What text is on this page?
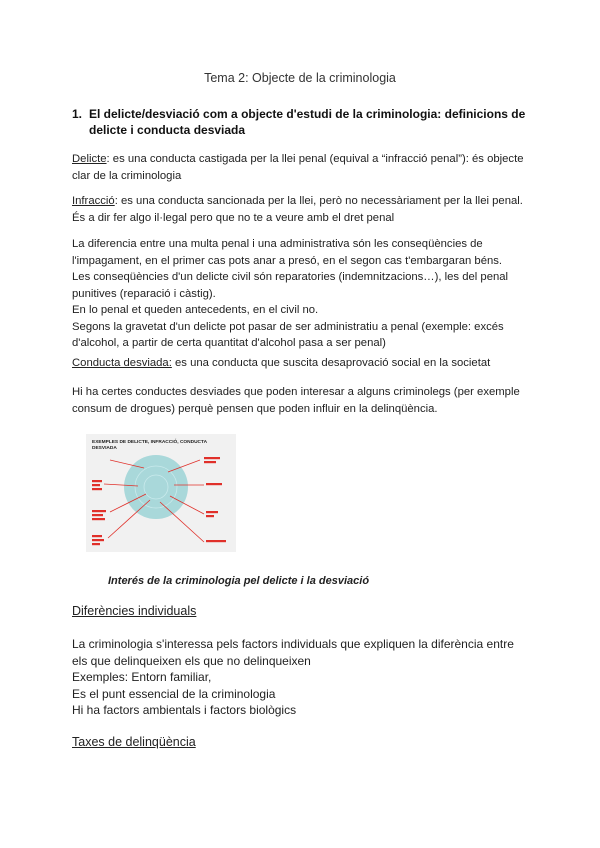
Tema 2: Objecte de la criminologia
1. El delicte/desviació com a objecte d'estudi de la criminologia: definicions de delicte i conducta desviada
Delicte: es una conducta castigada per la llei penal (equival a “infracció penal”): és objecte clar de la criminologia
Infracció: es una conducta sancionada per la llei, però no necessàriament per la llei penal.
És a dir fer algo il·legal pero que no te a veure amb el dret penal
La diferencia entre una multa penal i una administrativa són les conseqüències de
l'impagament, en el primer cas pots anar a presó, en el segon cas t'embargaran béns.
Les conseqüències d'un delicte civil són reparatories (indemnitzacions…), les del penal
punitives (reparació i càstig).
En lo penal et queden antecedents, en el civil no.
Segons la gravetat d'un delicte pot pasar de ser administratiu a penal (exemple: excés
d'alcohol, a partir de certa quantitat d'alcohol pasa a ser penal)
Conducta desviada: es una conducta que suscita desaprovació social en la societat
Hi ha certes conductes desviades que poden interesar a alguns criminolegs (per exemple
consum de drogues) perquè pensen que poden influir en la delinqüència.
EXEMPLES DE DELICTE, INFRACCIÓ, CONDUCTA
DESVIADA
Interés de la criminologia pel delicte i la desviació
Diferències individuals
La criminologia s'interessa pels factors individuals que expliquen la diferència entre
els que delinqueixen els que no delinqueixen
Exemples: Entorn familiar,
Es el punt essencial de la criminologia
Hi ha factors ambientals i factors biològics
Taxes de delinqüència
